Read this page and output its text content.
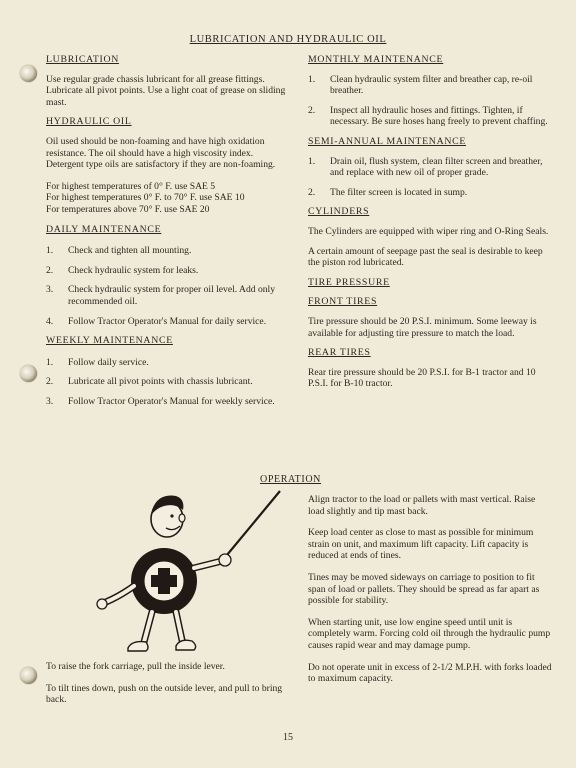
LUBRICATION AND HYDRAULIC OIL
LUBRICATION
Use regular grade chassis lubricant for all grease fittings. Lubricate all pivot points. Use a light coat of grease on sliding mast.
HYDRAULIC OIL
Oil used should be non-foaming and have high oxidation resistance. The oil should have a high viscosity index. Detergent type oils are satisfactory if they are non-foaming.
For highest temperatures of 0° F. use SAE 5
For highest temperatures 0° F. to 70° F. use SAE 10
For temperatures above 70° F. use SAE 20
DAILY MAINTENANCE
1.	Check and tighten all mounting.
2.	Check hydraulic system for leaks.
3.	Check hydraulic system for proper oil level. Add only recommended oil.
4.	Follow Tractor Operator's Manual for daily service.
WEEKLY MAINTENANCE
1.	Follow daily service.
2.	Lubricate all pivot points with chassis lubricant.
3.	Follow Tractor Operator's Manual for weekly service.
MONTHLY MAINTENANCE
1.	Clean hydraulic system filter and breather cap, re-oil breather.
2.	Inspect all hydraulic hoses and fittings. Tighten, if necessary. Be sure hoses hang freely to prevent chaffing.
SEMI-ANNUAL MAINTENANCE
1.	Drain oil, flush system, clean filter screen and breather, and replace with new oil of proper grade.
2.	The filter screen is located in sump.
CYLINDERS
The Cylinders are equipped with wiper ring and O-Ring Seals.
A certain amount of seepage past the seal is desirable to keep the piston rod lubricated.
TIRE PRESSURE
FRONT TIRES
Tire pressure should be 20 P.S.I. minimum. Some leeway is available for adjusting tire pressure to match the load.
REAR TIRES
Rear tire pressure should be 20 P.S.I. for B-1 tractor and 10 P.S.I. for B-10 tractor.
OPERATION
Align tractor to the load or pallets with mast vertical. Raise load slightly and tip mast back.
Keep load center as close to mast as possible for minimum strain on unit, and maximum lift capacity. Lift capacity is reduced at ends of tines.
Tines may be moved sideways on carriage to position to fit span of load or pallets. They should be spread as far apart as possible for stability.
When starting unit, use low engine speed until unit is completely warm. Forcing cold oil through the hydraulic pump causes rapid wear and may damage pump.
Do not operate unit in excess of 2-1/2 M.P.H. with forks loaded to maximum capacity.
To raise the fork carriage, pull the inside lever.
To tilt tines down, push on the outside lever, and pull to bring back.
15
